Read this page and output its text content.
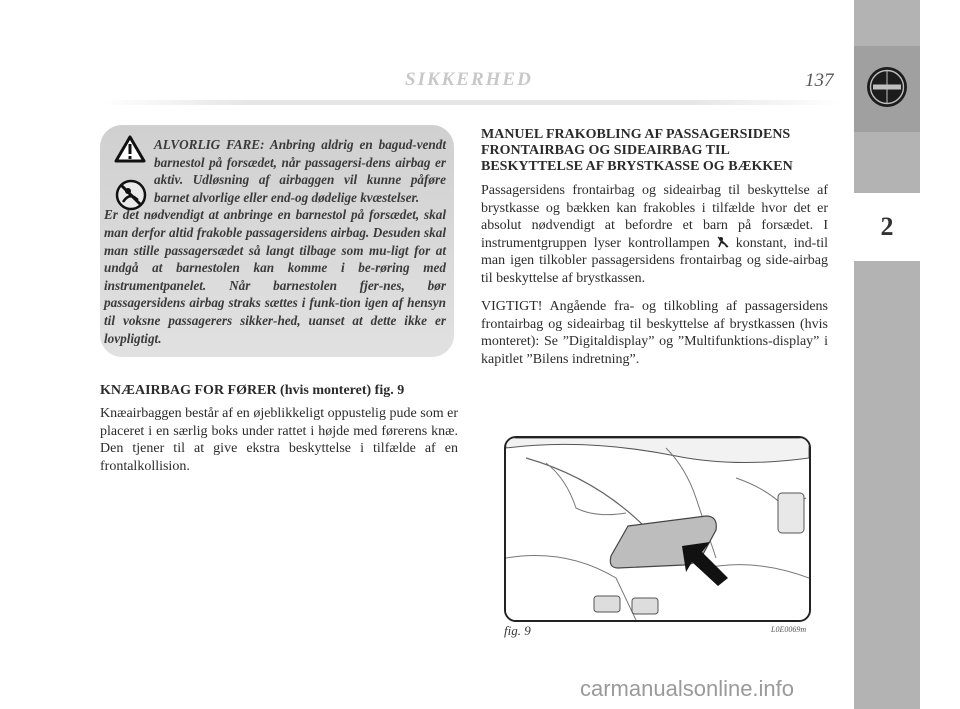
2
SIKKERHED	137

ALVORLIG FARE: Anbring aldrig en bagud-vendt barnestol på forsædet, når passagersi-dens airbag er aktiv. Udløsning af airbaggen vil kunne påføre barnet alvorlige eller end-og dødelige kvæstelser.
Er det nødvendigt at anbringe en barnestol på forsædet, skal man derfor altid frakoble passagersidens airbag. Desuden skal man stille passagersædet så langt tilbage som mu-ligt for at undgå at barnestolen kan komme i be-røring med instrumentpanelet. Når barnestolen fjer-nes, bør passagersidens airbag straks sættes i funk-tion igen af hensyn til voksne passagerers sikker-hed, uanset at dette ikke er lovpligtigt.

KNÆAIRBAG FOR FØRER (hvis monteret) fig. 9

Knæairbaggen består af en øjeblikkeligt oppustelig pude som er placeret i en særlig boks under rattet i højde med førerens knæ. Den tjener til at give ekstra beskyttelse i tilfælde af en frontalkollision.

MANUEL FRAKOBLING AF PASSAGERSIDENS FRONTAIRBAG OG SIDEAIRBAG TIL BESKYTTELSE AF BRYSTKASSE OG BÆKKEN

Passagersidens frontairbag og sideairbag til beskyttelse af brystkasse og bækken kan frakobles i tilfælde hvor det er absolut nødvendigt at befordre et barn på forsædet. I instrumentgruppen lyser kontrollampen konstant, ind-til man igen tilkobler passagersidens frontairbag og side-airbag til beskyttelse af brystkassen.

VIGTIGT! Angående fra- og tilkobling af passagersidens frontairbag og sideairbag til beskyttelse af brystkassen (hvis monteret): Se ”Digitaldisplay” og ”Multifunktions-display” i kapitlet ”Bilens indretning”.

fig. 9	L0E0069m
carmanualsonline.info
